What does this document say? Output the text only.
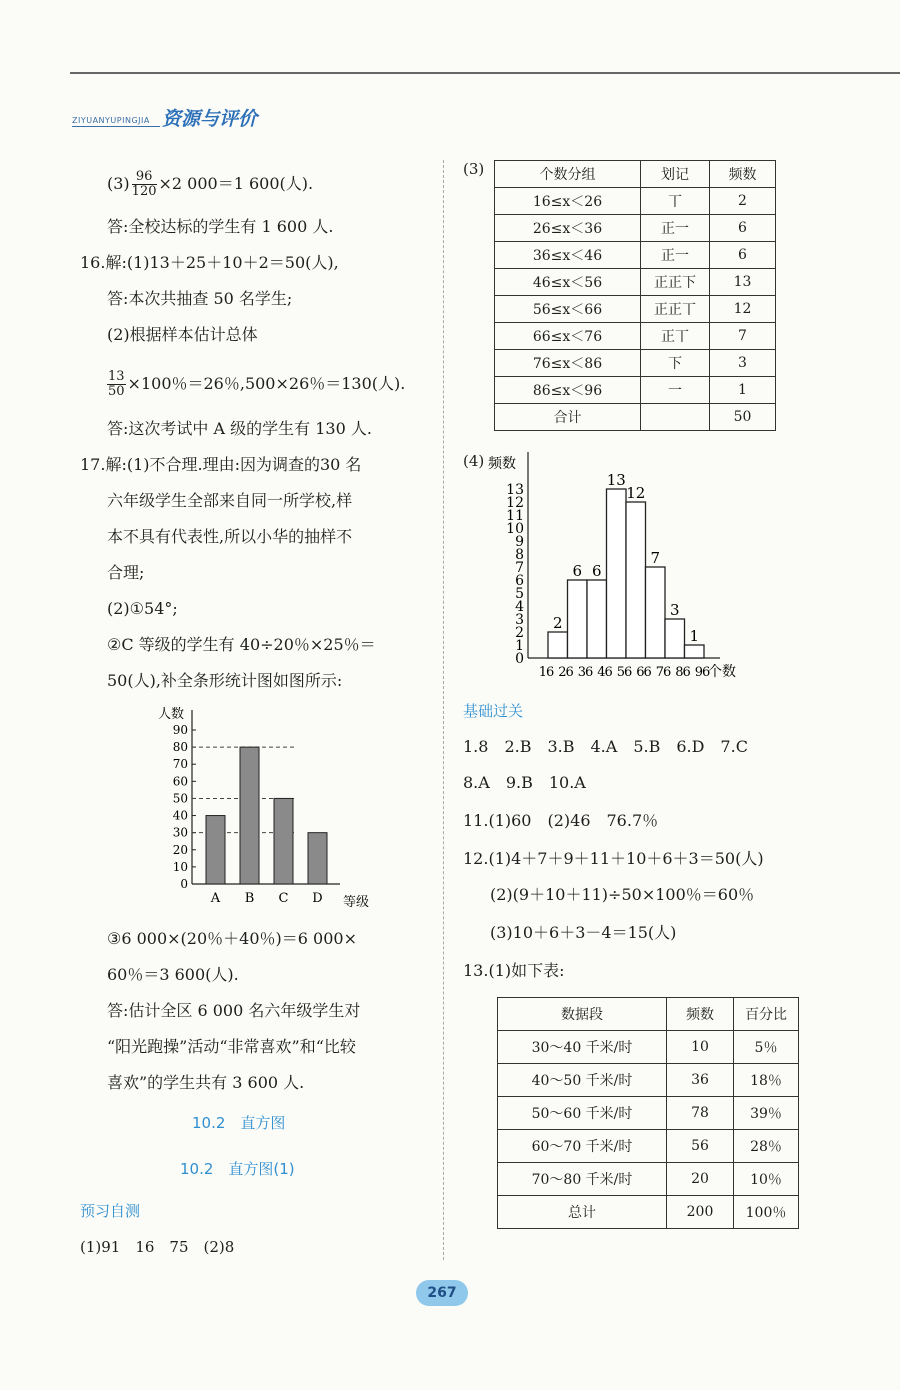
资源与评价
ZIYUANYUPINGJIA
$(3) \frac{96}{120} \times 2$ 000＝1 600(人).
答:全校达标的学生有 1 600 人.
16.解:(1)13＋25＋10＋2＝50(人),
答:本次共抽查 50 名学生;
(2)根据样本估计总体
$\frac{13}{50} \times 100$％＝26％,500×26％＝130(人).
答:这次考试中 A 级的学生有 130 人.
17.解:(1)不合理.理由:因为调查的30 名
六年级学生全部来自同一所学校,样
本不具有代表性,所以小华的抽样不
合理;
(2)①54°;
②C 等级的学生有 40÷20％×25％＝
50(人),补全条形统计图如图所示:
人数
等级
0
10
20
30
40
50
60
70
80
90
A B C D
③6 000×(20％＋40％)＝6 000×
60％＝3 600(人).
答:估计全区 6 000 名六年级学生对
“阳光跑操”活动“非常喜欢”和“比较
喜欢”的学生共有 3 600 人.
10.2　直方图
10.2　直方图(1)
预习自测
(1)91　16　75　(2)8
(3)	个数分组	划记	频数
16≤x＜26	丅	2
26≤x＜36	正一	6
36≤x＜46	正一	6
46≤x＜56	正正下	13
56≤x＜66	正正丅	12
66≤x＜76	正丅	7
76≤x＜86	下	3
86≤x＜96	一	1
合计		50
(4) 频数
个数
0
1
2
3
4
5
6
7
8
9
10
11
12
13
16 26 36 46 56 66 76 86 96
2
6 6
13
12
7
3
1
基础过关
1.8　2.B　3.B　4.A　5.B　6.D　7.C
8.A　9.B　10.A
11.(1)60　(2)46　76.7％
12.(1)4＋7＋9＋11＋10＋6＋3＝50(人)
(2)(9＋10＋11)÷50×100％＝60％
(3)10＋6＋3－4＝15(人)
13.(1)如下表:
数据段	频数	百分比
30～40 千米/时	10	5％
40～50 千米/时	36	18％
50～60 千米/时	78	39％
60～70 千米/时	56	28％
70～80 千米/时	20	10％
总计	200	100％
267
